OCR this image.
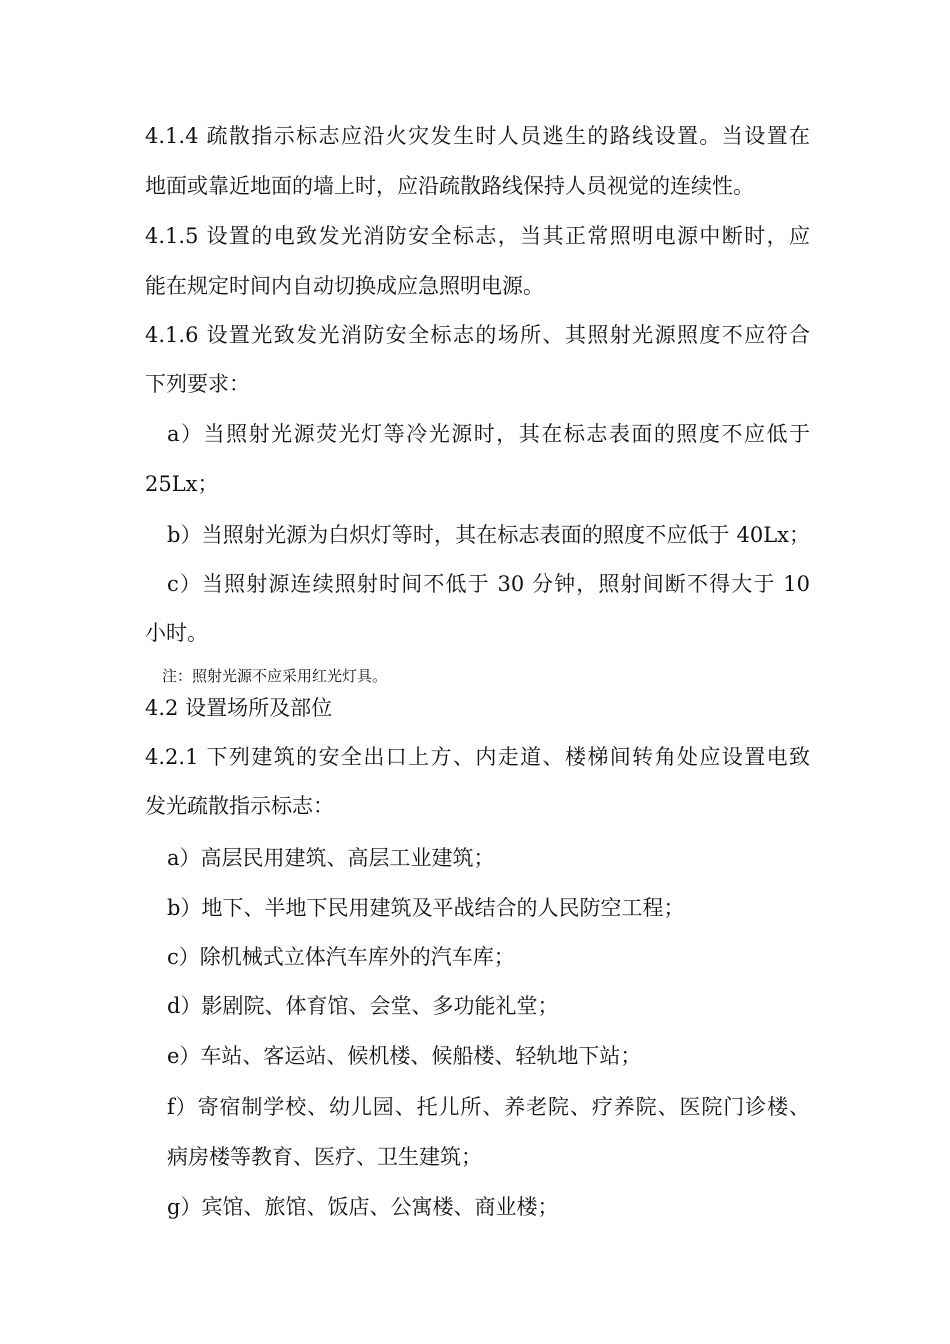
4.1.4 疏散指示标志应沿火灾发生时人员逃生的路线设置。当设置在
地面或靠近地面的墙上时，应沿疏散路线保持人员视觉的连续性。
4.1.5 设置的电致发光消防安全标志，当其正常照明电源中断时，应
能在规定时间内自动切换成应急照明电源。
4.1.6 设置光致发光消防安全标志的场所、其照射光源照度不应符合
下列要求：
a）当照射光源荧光灯等冷光源时，其在标志表面的照度不应低于
25Lx；
b）当照射光源为白炽灯等时，其在标志表面的照度不应低于 40Lx；
c）当照射源连续照射时间不低于 30 分钟，照射间断不得大于 10
小时。
注：照射光源不应采用红光灯具。
4.2 设置场所及部位
4.2.1 下列建筑的安全出口上方、内走道、楼梯间转角处应设置电致
发光疏散指示标志：
a）高层民用建筑、高层工业建筑；
b）地下、半地下民用建筑及平战结合的人民防空工程；
c）除机械式立体汽车库外的汽车库；
d）影剧院、体育馆、会堂、多功能礼堂；
e）车站、客运站、候机楼、候船楼、轻轨地下站；
f）寄宿制学校、幼儿园、托儿所、养老院、疗养院、医院门诊楼、
病房楼等教育、医疗、卫生建筑；
g）宾馆、旅馆、饭店、公寓楼、商业楼；
